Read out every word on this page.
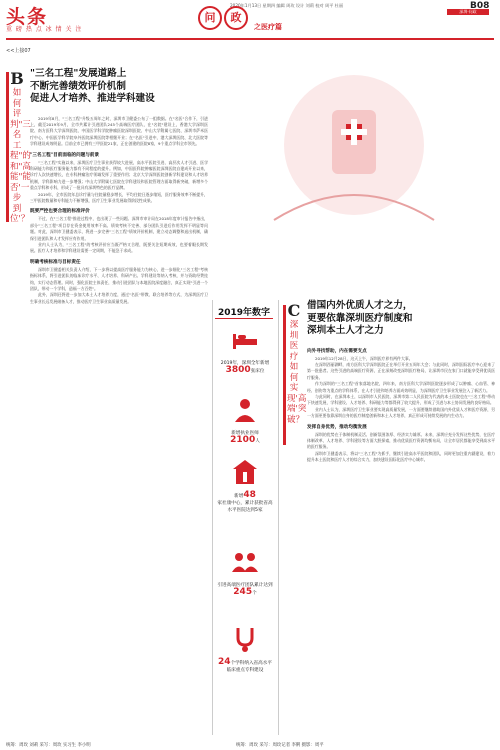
头条
重 磅 热 点 冰 情 关 注
2020年1月13日 星期四 编辑 周玫 设计 刘莉 校对 周平 杜丽
问 政
之医疗篇
深圳·问政
B08
<<上接07
B
如何评判"三名工程"的和"高能"能否'一步到位'？
"三名工程"发展道路上
不断完善绩效评价机制
促进人才培养、推进学科建设
2019年8月，"三名工程"升级五周年之时，深圳市卫健委公布了一组数据。在"名医"合作下，引进上，截至2019年9月，全市共累计引进团队245个高端医疗团队，在"名院"建设上，香港大学深圳医院、南方医科大学深圳医院、中国医学科学院肿瘤医院深圳医院、中山大学附属七医院、深圳市萨米医疗中心、中国医学科学院阜外医院深圳医院等相继开业；在"名医"引进中，港大深圳医院、北大医院等学科建设成效明显。目前全市已拥有三甲医院21家，正在创建的医院8家，9个重点学科全市领先。
"三名工程"目前面临的问题与前景
"三名工程"实施以来，深圳医疗卫生事业获得较大进展，高水平医院引进、高层次人才引进、医学科研能力和医疗服务能力都有不同程度的提升。例如，中国医科院肿瘤医院深圳医院自建成开业以来，诊疗人次快速增长，在专科肿瘤治疗领域发挥了重要作用；北京大学深圳医院创新学科建设和人才培养机制，学科影响力进一步增强；中山大学附属七医院在学科建设和医院管理方面取得新突破，新增多个重点学科和专科，形成了一批具有深圳特色的医疗品牌。
2019年，全市医院年总诊疗量与住院量稳步增长，平均住院日逐步缩短，医疗服务效率不断提升，三甲医院数量和专科能力不断增强，医疗卫生事业发展取得阶段性成果。
既要严控也要合理的标准评价
不过，在"三名工程"推进过程中，也出现了一些问题。深圳市审计局在2018年度审计报告中指出，部分"三名工程"项目存在资金使用效率不高、绩效考核不完善、部分团队引进后作用发挥不明显等问题。对此，深圳市卫健委表示，将进一步完善"三名工程"绩效评价机制，建立动态调整和退出机制，确保引进团队和人才发挥应有作用。
业内人士认为，"三名工程"的考核评价应当既严格又合理，既要关注短期成效，也要着眼长期发展。医疗人才培养和学科建设需要一定周期，不能急于求成。
明确考核标准与目标责任
深圳市卫健委相关负责人介绍，下一步将以提高医疗服务能力为核心，进一步细化"三名工程"考核指标体系，将引进团队的临床诊疗水平、人才培养、科研产出、学科建设等纳入考核，并与资助经费挂钩，实行动态管理。同时，强化医院主体责任，推动引进团队与本地医院深度融合，真正实现"引进一个团队，带动一个学科，造福一方百姓"。
此外，深圳还将进一步加大本土人才培养力度，通过"名医"带教、联合培养等方式，为深圳医疗卫生事业长远发展储备人才，推动医疗卫生事业高质量发展。
2019年数字
2019年，深圳全年新增
3800张床位
新增执业医师
2100人
新增48
家社康中心，累计获批省高水平医院达到5家
引进高端医疗团队累计达到
245个
24个学科纳入省高水平临床重点专科建设
C
深圳医疗如何实现'高端'突破？
借国内外优质人才之力，
更要依靠深圳医疗制度和
深圳本土人才之力
向外寻找帮助，内在需要支点
2019年12月28日，这天上午，深圳医疗界有两件大事。
在深圳西丽湖畔，南方医科大学深圳医院正在举行开业五周年大会；与此同时，深圳国际医疗中心迎来了第一批患者。这些引进的高端医疗资源，正在深刻改变深圳医疗格局，让深圳市民在家门口就能享受到优质医疗服务。
作为深圳的"三名工程"首家落地名院，四年来，南方医科大学深圳医院逐步形成了以肿瘤、心血管、神经、创伤等为重点的学科体系，在人才引进和培养方面成效明显，为深圳医疗卫生事业发展注入了新活力。
与此同时，在深圳本土，以深圳市人民医院、深圳市第二人民医院为代表的本土医院也在"三名工程"带动下快速发展，学科建设、人才培养、科研能力等都得到了较大提升，形成了引进与本土协同发展的良好格局。
业内人士认为，深圳医疗卫生事业要实现高质量发展，一方面要继续借助国内外优质人才和医疗资源，另一方面更要依靠深圳自身的医疗制度创新和本土人才培养，真正形成可持续发展的内生动力。
发挥自身优势，推动均衡发展
深圳的优势在于体制机制灵活、创新氛围浓厚、经济实力雄厚。未来，深圳应充分发挥这些优势，在医疗体制改革、人才培养、学科建设等方面大胆探索，推动优质医疗资源均衡布局，让全市居民都能享受到高水平的医疗服务。
深圳市卫健委表示，将以"三名工程"为抓手，继续引进高水平医院和团队，同时更加注重内涵建设，着力提升本土医院和医疗人才的综合实力，加快建设国际化医疗中心城市。
统筹：周玫 刘莉 采写：周玫 实习生 李小明	统筹：周玫 采写：周玫记者 李俐 摄影：周平
